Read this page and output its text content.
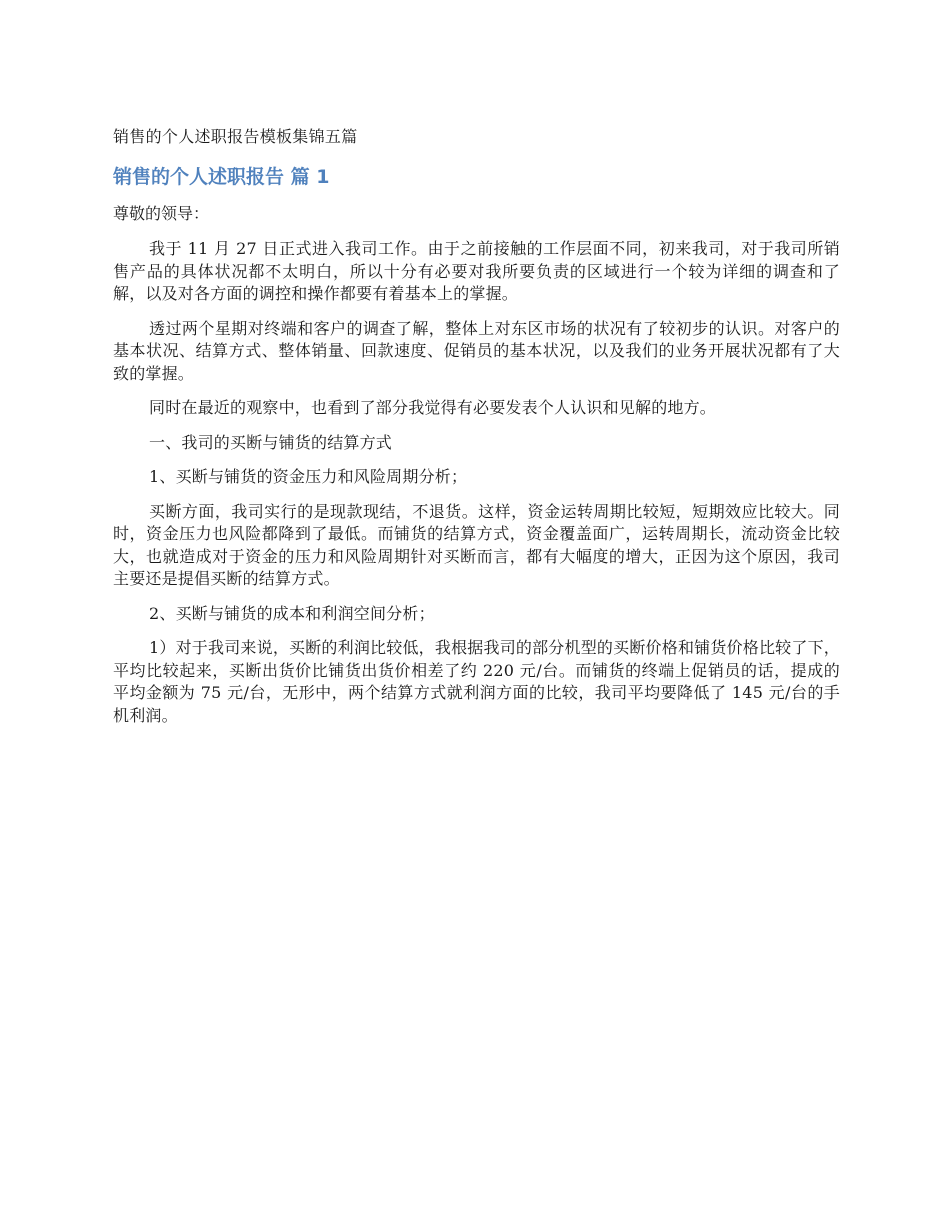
销售的个人述职报告模板集锦五篇
销售的个人述职报告 篇 1
尊敬的领导：

我于 11 月 27 日正式进入我司工作。由于之前接触的工作层面不同，初来我司，对于我司所销售产品的具体状况都不太明白，所以十分有必要对我所要负责的区域进行一个较为详细的调查和了解，以及对各方面的调控和操作都要有着基本上的掌握。

透过两个星期对终端和客户的调查了解，整体上对东区市场的状况有了较初步的认识。对客户的基本状况、结算方式、整体销量、回款速度、促销员的基本状况，以及我们的业务开展状况都有了大致的掌握。

同时在最近的观察中，也看到了部分我觉得有必要发表个人认识和见解的地方。

一、我司的买断与铺货的结算方式

1、买断与铺货的资金压力和风险周期分析；

买断方面，我司实行的是现款现结，不退货。这样，资金运转周期比较短，短期效应比较大。同时，资金压力也风险都降到了最低。而铺货的结算方式，资金覆盖面广，运转周期长，流动资金比较大，也就造成对于资金的压力和风险周期针对买断而言，都有大幅度的增大，正因为这个原因，我司主要还是提倡买断的结算方式。

2、买断与铺货的成本和利润空间分析；

1）对于我司来说，买断的利润比较低，我根据我司的部分机型的买断价格和铺货价格比较了下，平均比较起来，买断出货价比铺货出货价相差了约 220 元/台。而铺货的终端上促销员的话，提成的平均金额为 75 元/台，无形中，两个结算方式就利润方面的比较，我司平均要降低了 145 元/台的手机利润。
